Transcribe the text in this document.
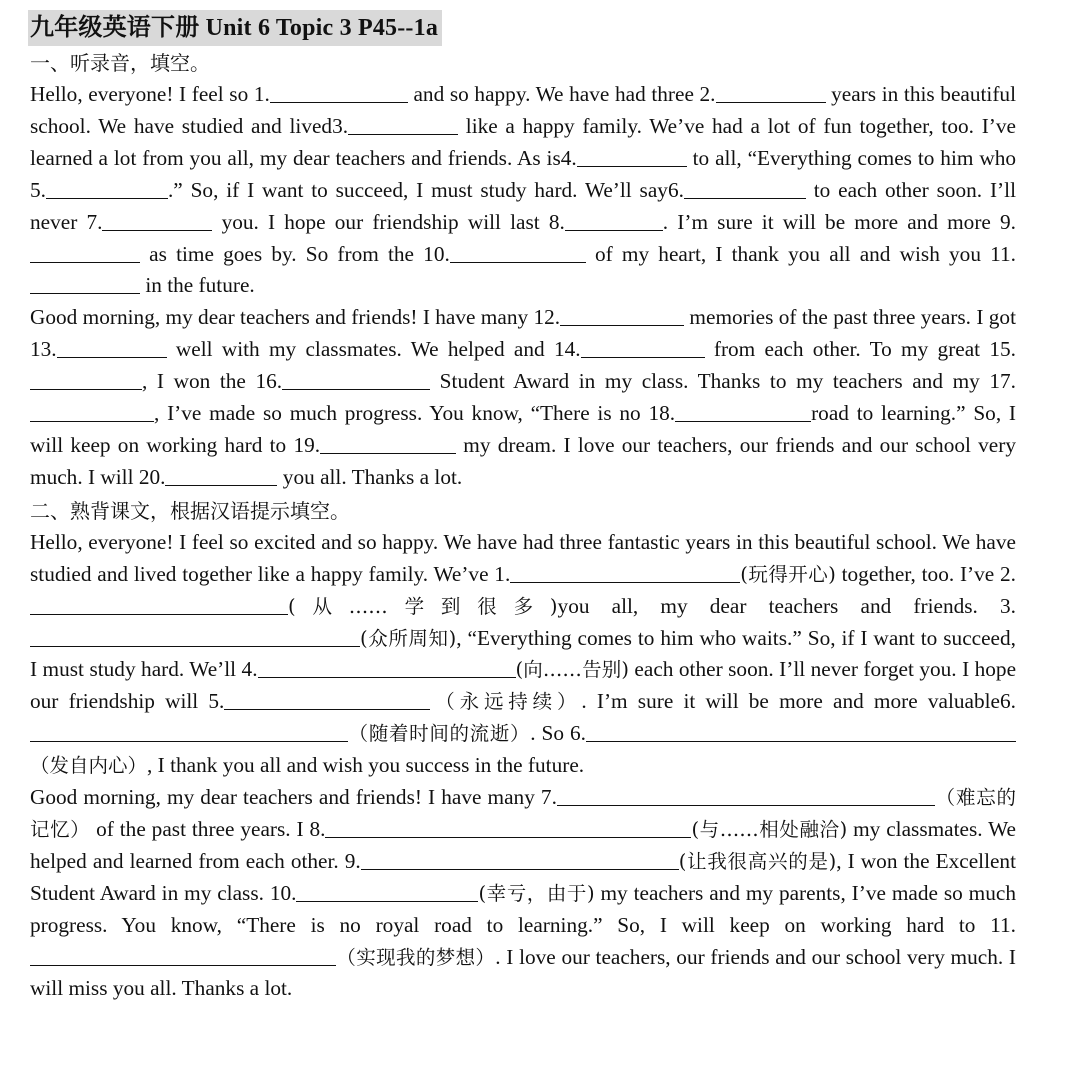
九年级英语下册 Unit 6 Topic 3 P45--1a
一、听录音，填空。
Hello, everyone! I feel so 1.	and so happy. We have had three 2.	years in this beautiful school. We have studied and lived3.	like a happy family. We’ve had a lot of fun together, too. I’ve learned a lot from you all, my dear teachers and friends. As is4.	to all, “Everything comes to him who 5.	.” So, if I want to succeed, I must study hard. We’ll say6.	to each other soon. I’ll never 7.	you. I hope our friendship will last 8.	. I’m sure it will be more and more 9. as time goes by. So from the 10.	of my heart, I thank you all and wish you 11. in the future.
Good morning, my dear teachers and friends! I have many 12.	memories of the past three years. I got 13.	well with my classmates. We helped and 14.	from each other. To my great 15., I won the 16.	Student Award in my class. Thanks to my teachers and my 17., I’ve made so much progress. You know, “There is no 18.	road to learning.” So, I will keep on working hard to 19.	my dream. I love our teachers, our friends and our school very much. I will 20.	you all. Thanks a lot.
二、熟背课文，根据汉语提示填空。
Hello, everyone! I feel so excited and so happy. We have had three fantastic years in this beautiful school. We have studied and lived together like a happy family. We’ve 1.	(玩得开心) together, too. I’ve 2.(从……学到很多)you all, my dear teachers and friends. 3.(众所周知), “Everything comes to him who waits.” So, if I want to succeed, I must study hard. We’ll 4.	(向……告别) each other soon. I’ll never forget you. I hope our friendship will 5.	（永远持续）. I’m sure it will be more and more valuable6.（随着时间的流逝）. So 6.（发自内心）, I thank you all and wish you success in the future.
Good morning, my dear teachers and friends! I have many 7.	（难忘的记忆） of the past three years. I 8.	(与……相处融洽) my classmates. We helped and learned from each other. 9.	(让我很高兴的是), I won the Excellent Student Award in my class. 10.	(幸亏，由于) my teachers and my parents, I’ve made so much progress. You know, “There is no royal road to learning.” So, I will keep on working hard to 11.（实现我的梦想）. I love our teachers, our friends and our school very much. I will miss you all. Thanks a lot.
